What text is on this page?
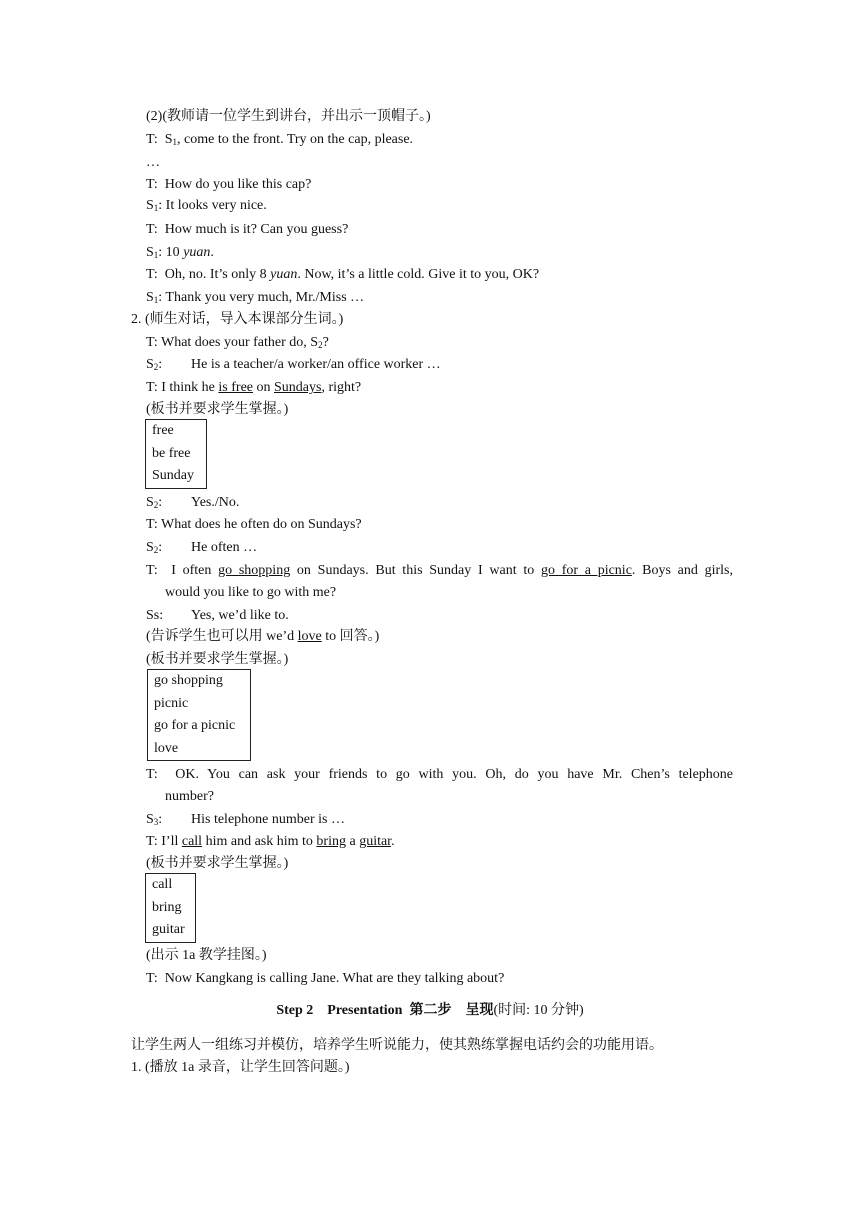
(2)(教师请一位学生到讲台，并出示一顶帽子。)
T: $S_1$, come to the front. Try on the cap, please.
…
T: How do you like this cap?
$S_1$: It looks very nice.
T: How much is it? Can you guess?
$S_1$: 10 yuan.
T: Oh, no. It’s only 8 yuan. Now, it’s a little cold. Give it to you, OK?
$S_1$: Thank you very much, Mr./Miss …
2. (师生对话，导入本课部分生词。)
T: What does your father do, $S_2$?
$S_2$: He is a teacher/a worker/an office worker …
T: I think he is free on Sundays, right?
(板书并要求学生掌握。)
free
be free
Sunday
$S_2$: Yes./No.
T: What does he often do on Sundays?
$S_2$: He often …
T: I often go shopping on Sundays. But this Sunday I want to go for a picnic. Boys and girls,
would you like to go with me?
Ss: Yes, we’d like to.
(告诉学生也可以用 we’d love to 回答。)
(板书并要求学生掌握。)
go shopping
picnic
go for a picnic
love
T: OK. You can ask your friends to go with you. Oh, do you have Mr. Chen’s telephone
number?
$S_3$: His telephone number is …
T: I’ll call him and ask him to bring a guitar.
(板书并要求学生掌握。)
call
bring
guitar
(出示 1a 教学挂图。)
T: Now Kangkang is calling Jane. What are they talking about?
Step 2　Presentation 第二步　呈现(时间: 10 分钟)
让学生两人一组练习并模仿，培养学生听说能力，使其熟练掌握电话约会的功能用语。
1. (播放 1a 录音，让学生回答问题。)
